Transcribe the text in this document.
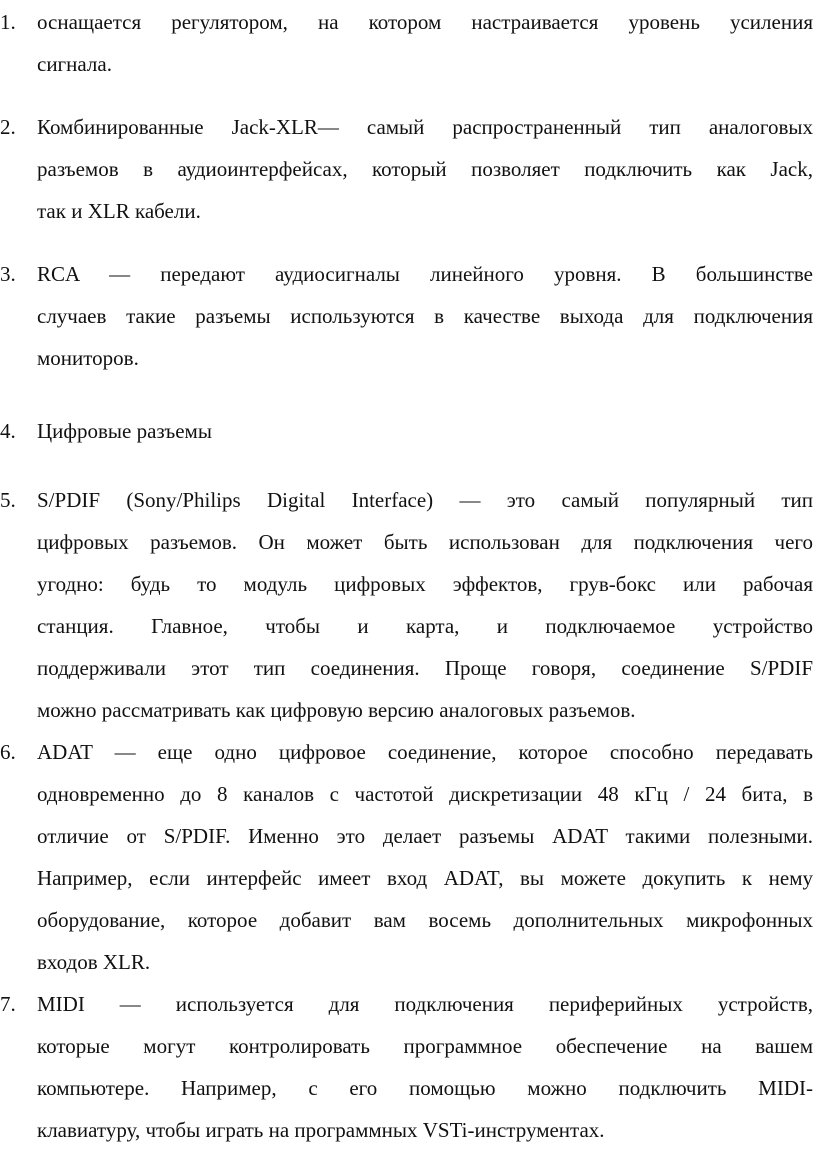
1.	оснащается регулятором, на котором настраивается уровень усиления
сигнала.
2.	Комбинированные Jack-XLR— самый распространенный тип аналоговых
разъемов в аудиоинтерфейсах, который позволяет подключить как Jack,
так и XLR кабели.
3.	RCA — передают аудиосигналы линейного уровня. В большинстве
случаев такие разъемы используются в качестве выхода для подключения
мониторов.
4.	Цифровые разъемы
5.	S/PDIF (Sony/Philips Digital Interface) — это самый популярный тип
цифровых разъемов. Он может быть использован для подключения чего
угодно: будь то модуль цифровых эффектов, грув-бокс или рабочая
станция. Главное, чтобы и карта, и подключаемое устройство
поддерживали этот тип соединения. Проще говоря, соединение S/PDIF
можно рассматривать как цифровую версию аналоговых разъемов.
6.	ADAT — еще одно цифровое соединение, которое способно передавать
одновременно до 8 каналов с частотой дискретизации 48 кГц / 24 бита, в
отличие от S/PDIF. Именно это делает разъемы ADAT такими полезными.
Например, если интерфейс имеет вход ADAT, вы можете докупить к нему
оборудование, которое добавит вам восемь дополнительных микрофонных
входов XLR.
7.	MIDI — используется для подключения периферийных устройств,
которые могут контролировать программное обеспечение на вашем
компьютере. Например, с его помощью можно подключить MIDI-
клавиатуру, чтобы играть на программных VSTi-инструментах.
